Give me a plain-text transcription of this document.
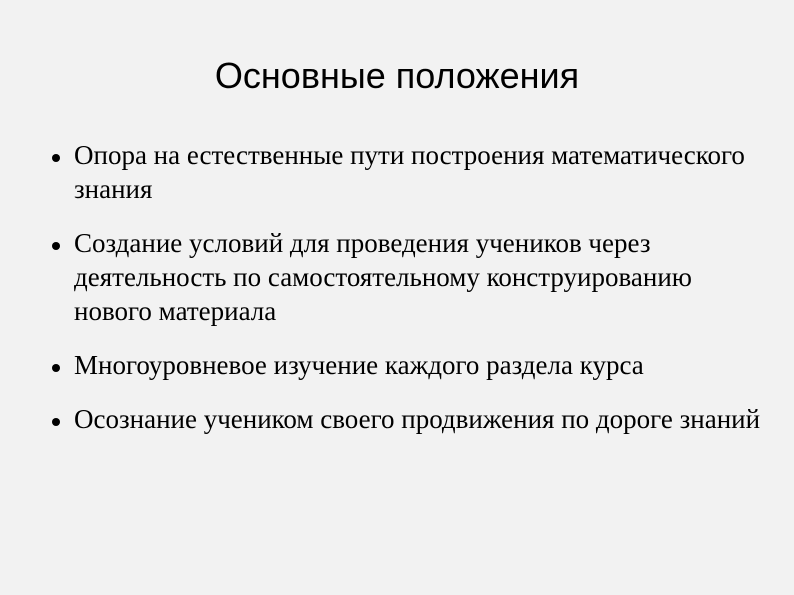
Основные положения
Опора на естественные пути построения математического знания
Создание условий для проведения учеников через деятельность по самостоятельному конструированию нового материала
Многоуровневое изучение каждого раздела курса
Осознание учеником своего продвижения по дороге знаний
